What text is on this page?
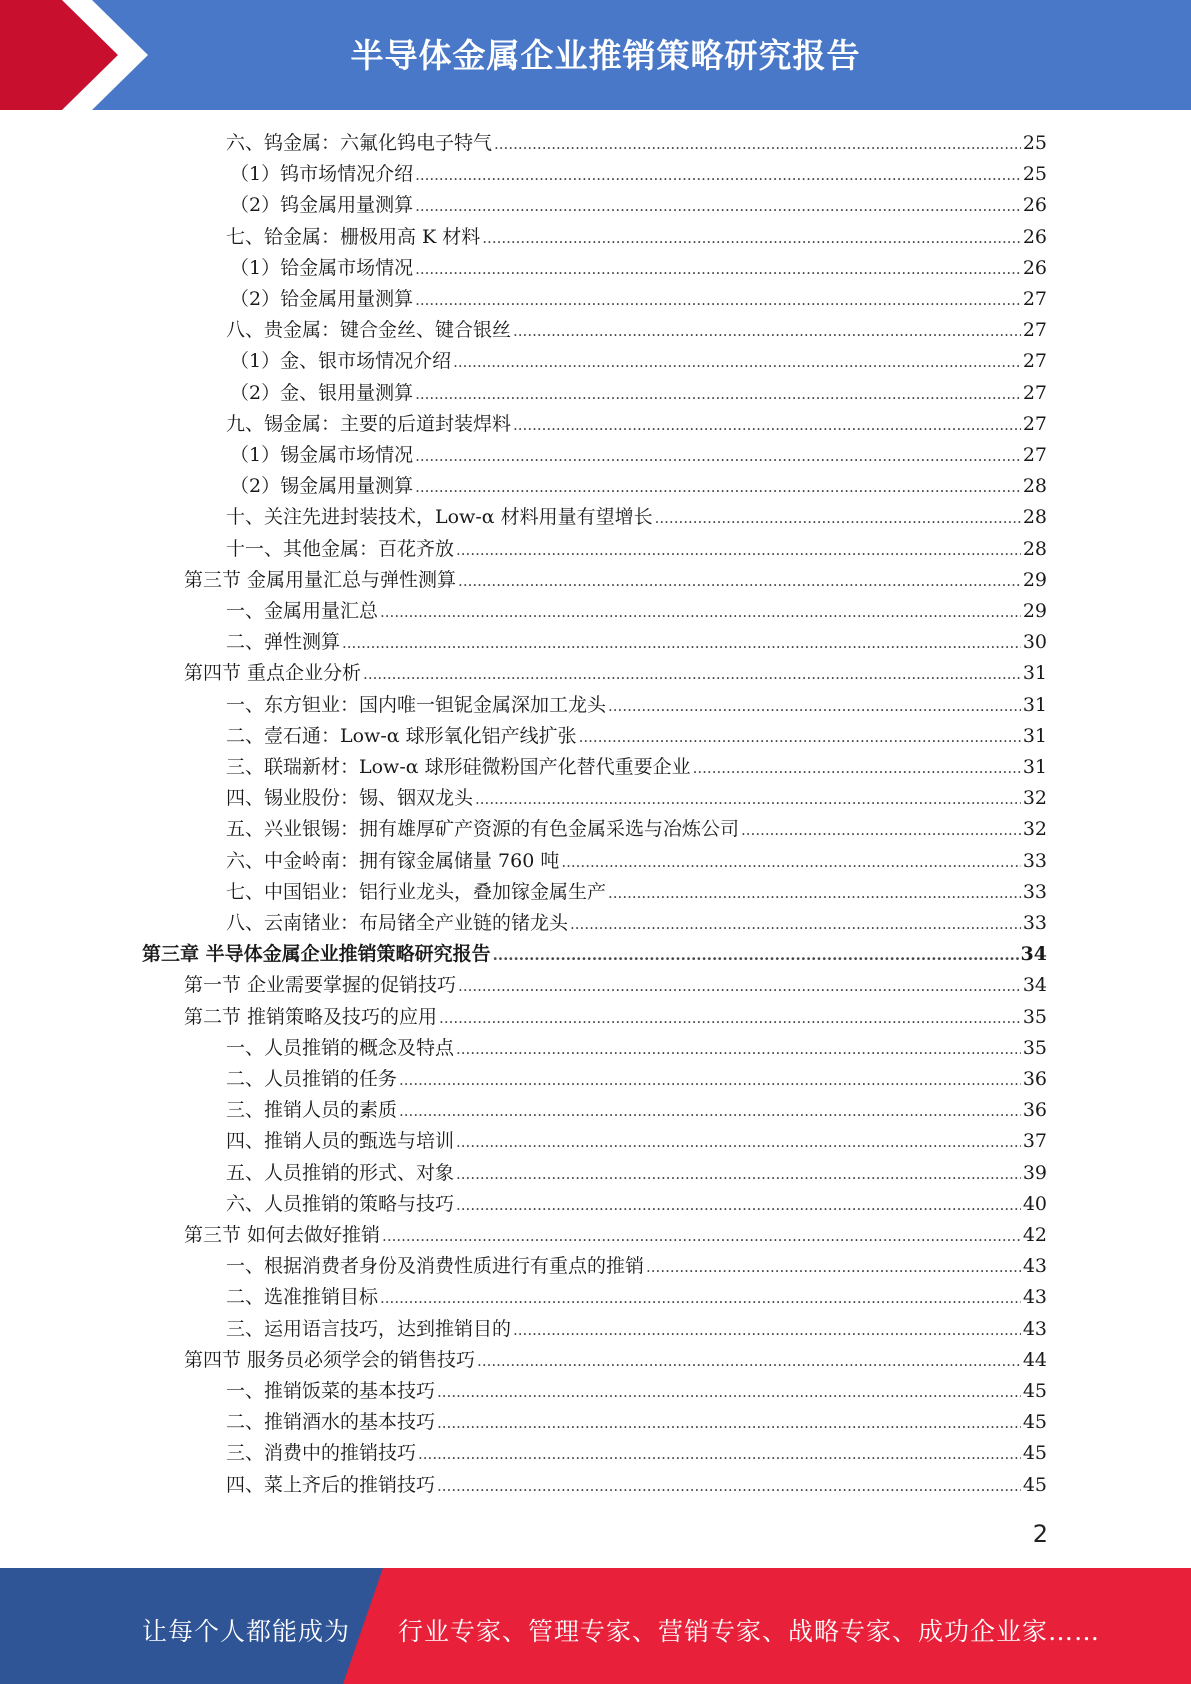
半导体金属企业推销策略研究报告
六、钨金属：六氟化钨电子特气 .....	25
（1）钨市场情况介绍 .....	25
（2）钨金属用量测算 .....	26
七、铪金属：栅极用高 K 材料 .....	26
（1）铪金属市场情况 .....	26
（2）铪金属用量测算 .....	27
八、贵金属：键合金丝、键合银丝 .....	27
（1）金、银市场情况介绍 .....	27
（2）金、银用量测算 .....	27
九、锡金属：主要的后道封装焊料 .....	27
（1）锡金属市场情况 .....	27
（2）锡金属用量测算 .....	28
十、关注先进封装技术，Low-α 材料用量有望增长 .....	28
十一、其他金属：百花齐放 .....	28
第三节 金属用量汇总与弹性测算 .....	29
一、金属用量汇总 .....	29
二、弹性测算 .....	30
第四节 重点企业分析 .....	31
一、东方钽业：国内唯一钽铌金属深加工龙头 .....	31
二、壹石通：Low-α 球形氧化铝产线扩张 .....	31
三、联瑞新材：Low-α 球形硅微粉国产化替代重要企业 .....	31
四、锡业股份：锡、铟双龙头 .....	32
五、兴业银锡：拥有雄厚矿产资源的有色金属采选与冶炼公司 .....	32
六、中金岭南：拥有镓金属储量 760 吨 .....	33
七、中国铝业：铝行业龙头，叠加镓金属生产 .....	33
八、云南锗业：布局锗全产业链的锗龙头 .....	33
第三章 半导体金属企业推销策略研究报告 .....	34
第一节 企业需要掌握的促销技巧 .....	34
第二节 推销策略及技巧的应用 .....	35
一、人员推销的概念及特点 .....	35
二、人员推销的任务 .....	36
三、推销人员的素质 .....	36
四、推销人员的甄选与培训 .....	37
五、人员推销的形式、对象 .....	39
六、人员推销的策略与技巧 .....	40
第三节 如何去做好推销 .....	42
一、根据消费者身份及消费性质进行有重点的推销 .....	43
二、选准推销目标 .....	43
三、运用语言技巧，达到推销目的 .....	43
第四节 服务员必须学会的销售技巧 .....	44
一、推销饭菜的基本技巧 .....	45
二、推销酒水的基本技巧 .....	45
三、消费中的推销技巧 .....	45
四、菜上齐后的推销技巧 .....	45
2
让每个人都能成为 行业专家、管理专家、营销专家、战略专家、成功企业家……
